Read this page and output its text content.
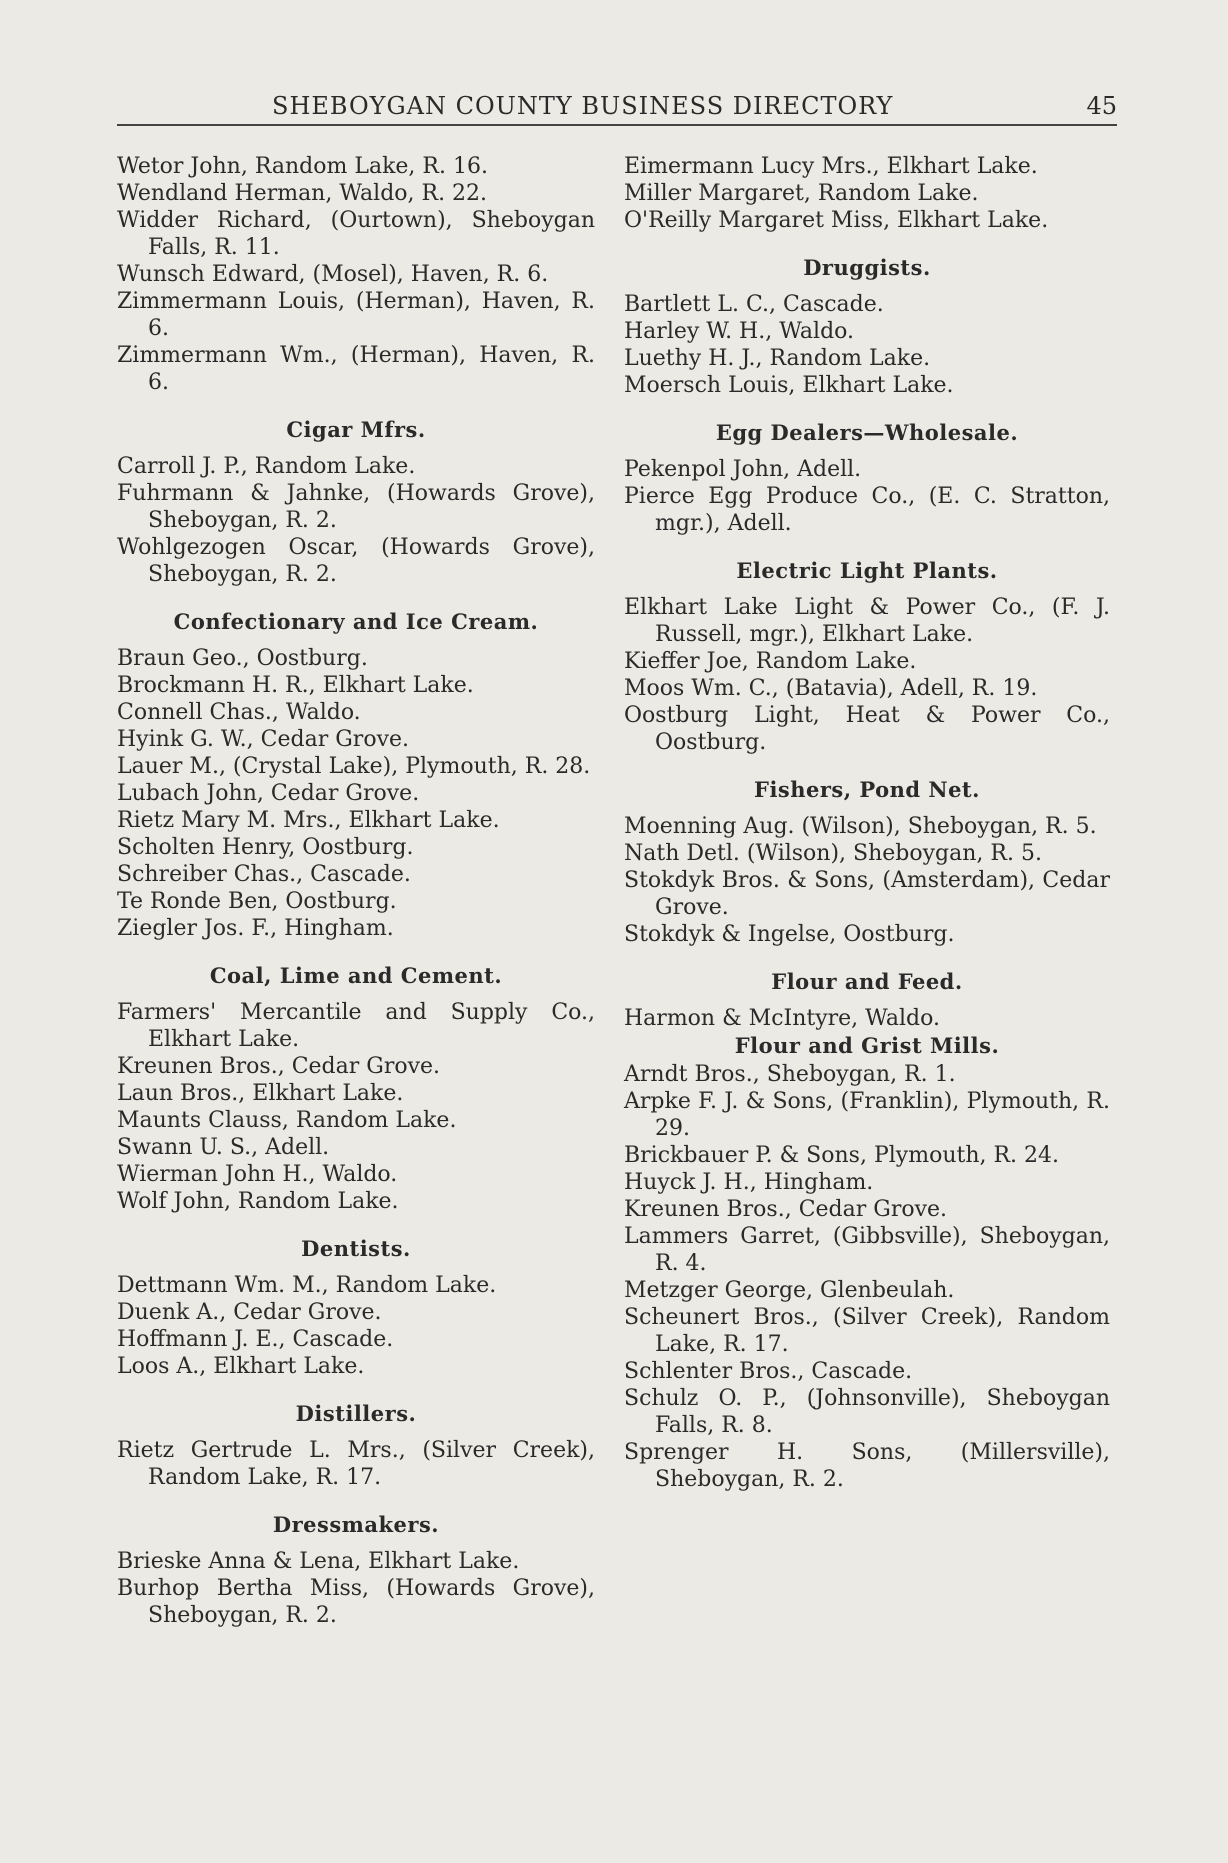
SHEBOYGAN COUNTY BUSINESS DIRECTORY	45

Wetor John, Random Lake, R. 16.

Wendland Herman, Waldo, R. 22.

Widder Richard, (Ourtown), Sheboygan Falls, R. 11.

Wunsch Edward, (Mosel), Haven, R. 6.

Zimmermann Louis, (Herman), Haven, R. 6.

Zimmermann Wm., (Herman), Haven, R. 6.

Cigar Mfrs.

Carroll J. P., Random Lake.

Fuhrmann & Jahnke, (Howards Grove), Sheboygan, R. 2.

Wohlgezogen Oscar, (Howards Grove), Sheboygan, R. 2.

Confectionary and Ice Cream.

Braun Geo., Oostburg.

Brockmann H. R., Elkhart Lake.

Connell Chas., Waldo.

Hyink G. W., Cedar Grove.

Lauer M., (Crystal Lake), Plymouth, R. 28.

Lubach John, Cedar Grove.

Rietz Mary M. Mrs., Elkhart Lake.

Scholten Henry, Oostburg.

Schreiber Chas., Cascade.

Te Ronde Ben, Oostburg.

Ziegler Jos. F., Hingham.

Coal, Lime and Cement.

Farmers' Mercantile and Supply Co., Elkhart Lake.

Kreunen Bros., Cedar Grove.

Laun Bros., Elkhart Lake.

Maunts Clauss, Random Lake.

Swann U. S., Adell.

Wierman John H., Waldo.

Wolf John, Random Lake.

Dentists.

Dettmann Wm. M., Random Lake.

Duenk A., Cedar Grove.

Hoffmann J. E., Cascade.

Loos A., Elkhart Lake.

Distillers.

Rietz Gertrude L. Mrs., (Silver Creek), Random Lake, R. 17.

Dressmakers.

Brieske Anna & Lena, Elkhart Lake.

Burhop Bertha Miss, (Howards Grove), Sheboygan, R. 2.

Eimermann Lucy Mrs., Elkhart Lake.

Miller Margaret, Random Lake.

O'Reilly Margaret Miss, Elkhart Lake.

Druggists.

Bartlett L. C., Cascade.

Harley W. H., Waldo.

Luethy H. J., Random Lake.

Moersch Louis, Elkhart Lake.

Egg Dealers—Wholesale.

Pekenpol John, Adell.

Pierce Egg Produce Co., (E. C. Stratton, mgr.), Adell.

Electric Light Plants.

Elkhart Lake Light & Power Co., (F. J. Russell, mgr.), Elkhart Lake.

Kieffer Joe, Random Lake.

Moos Wm. C., (Batavia), Adell, R. 19.

Oostburg Light, Heat & Power Co., Oostburg.

Fishers, Pond Net.

Moenning Aug. (Wilson), Sheboygan, R. 5.

Nath Detl. (Wilson), Sheboygan, R. 5.

Stokdyk Bros. & Sons, (Amsterdam), Cedar Grove.

Stokdyk & Ingelse, Oostburg.

Flour and Feed.

Harmon & McIntyre, Waldo.

Flour and Grist Mills.

Arndt Bros., Sheboygan, R. 1.

Arpke F. J. & Sons, (Franklin), Plymouth, R. 29.

Brickbauer P. & Sons, Plymouth, R. 24.

Huyck J. H., Hingham.

Kreunen Bros., Cedar Grove.

Lammers Garret, (Gibbsville), Sheboygan, R. 4.

Metzger George, Glenbeulah.

Scheunert Bros., (Silver Creek), Random Lake, R. 17.

Schlenter Bros., Cascade.

Schulz O. P., (Johnsonville), Sheboygan Falls, R. 8.

Sprenger H. Sons, (Millersville), Sheboygan, R. 2.
